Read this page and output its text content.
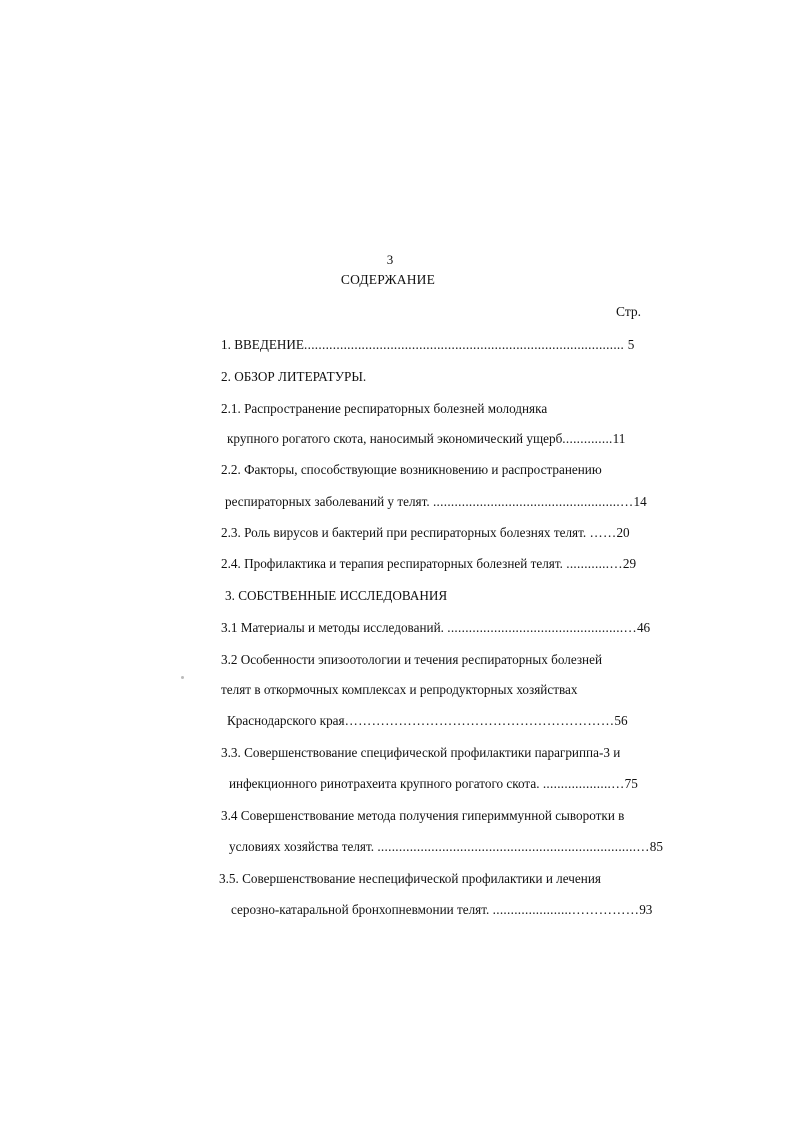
3
СОДЕРЖАНИЕ
Стр.
1. ВВЕДЕНИЕ......................................................................................... 5
2. ОБЗОР ЛИТЕРАТУРЫ.
2.1. Распространение респираторных болезней молодняка
крупного рогатого скота, наносимый экономический ущерб..............11
2.2. Факторы, способствующие возникновению и распространению
респираторных заболеваний у телят. ....................................................…14
2.3. Роль вирусов и бактерий при респираторных болезнях телят. ……20
2.4. Профилактика и терапия респираторных болезней телят. ............…29
3. СОБСТВЕННЫЕ ИССЛЕДОВАНИЯ
3.1 Материалы и методы исследований. .................................................…46
3.2 Особенности эпизоотологии и течения респираторных болезней
телят в откормочных комплексах и репродукторных хозяйствах
Краснодарского края……………………………………………………56
3.3. Совершенствование специфической профилактики парагриппа-3 и
инфекционного ринотрахеита крупного рогатого скота. ...................…75
3.4 Совершенствование метода получения гипериммунной сыворотки в
условиях хозяйства телят. ........................................................................…85
3.5. Совершенствование неспецифической профилактики и лечения
серозно-катаральной бронхопневмонии телят. ......................……………93
